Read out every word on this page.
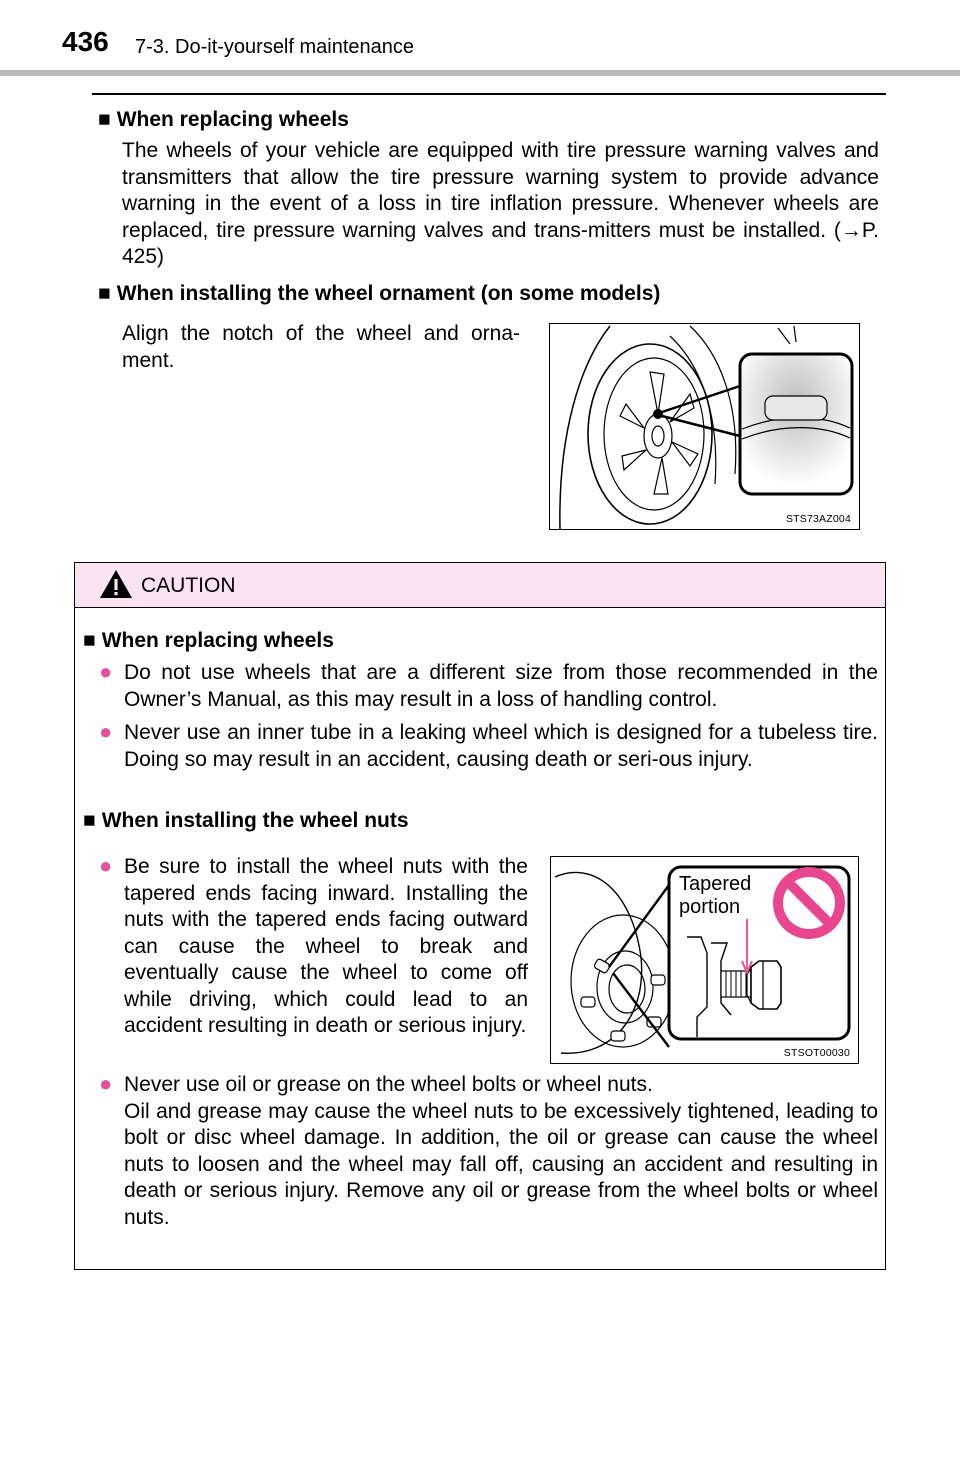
436 7-3. Do-it-yourself maintenance
■ When replacing wheels
The wheels of your vehicle are equipped with tire pressure warning valves and transmitters that allow the tire pressure warning system to provide advance warning in the event of a loss in tire inflation pressure. Whenever wheels are replaced, tire pressure warning valves and trans-mitters must be installed. (→P. 425)
■ When installing the wheel ornament (on some models)
Align the notch of the wheel and orna-ment.
STS73AZ004
CAUTION
■ When replacing wheels
● Do not use wheels that are a different size from those recommended in the Owner’s Manual, as this may result in a loss of handling control.
● Never use an inner tube in a leaking wheel which is designed for a tubeless tire. Doing so may result in an accident, causing death or seri-ous injury.
■ When installing the wheel nuts
● Be sure to install the wheel nuts with the tapered ends facing inward. Installing the nuts with the tapered ends facing outward can cause the wheel to break and eventually cause the wheel to come off while driving, which could lead to an accident resulting in death or serious injury.
Tapered
portion
STSOT00030
● Never use oil or grease on the wheel bolts or wheel nuts.
Oil and grease may cause the wheel nuts to be excessively tightened, leading to bolt or disc wheel damage. In addition, the oil or grease can cause the wheel nuts to loosen and the wheel may fall off, causing an accident and resulting in death or serious injury. Remove any oil or grease from the wheel bolts or wheel nuts.
